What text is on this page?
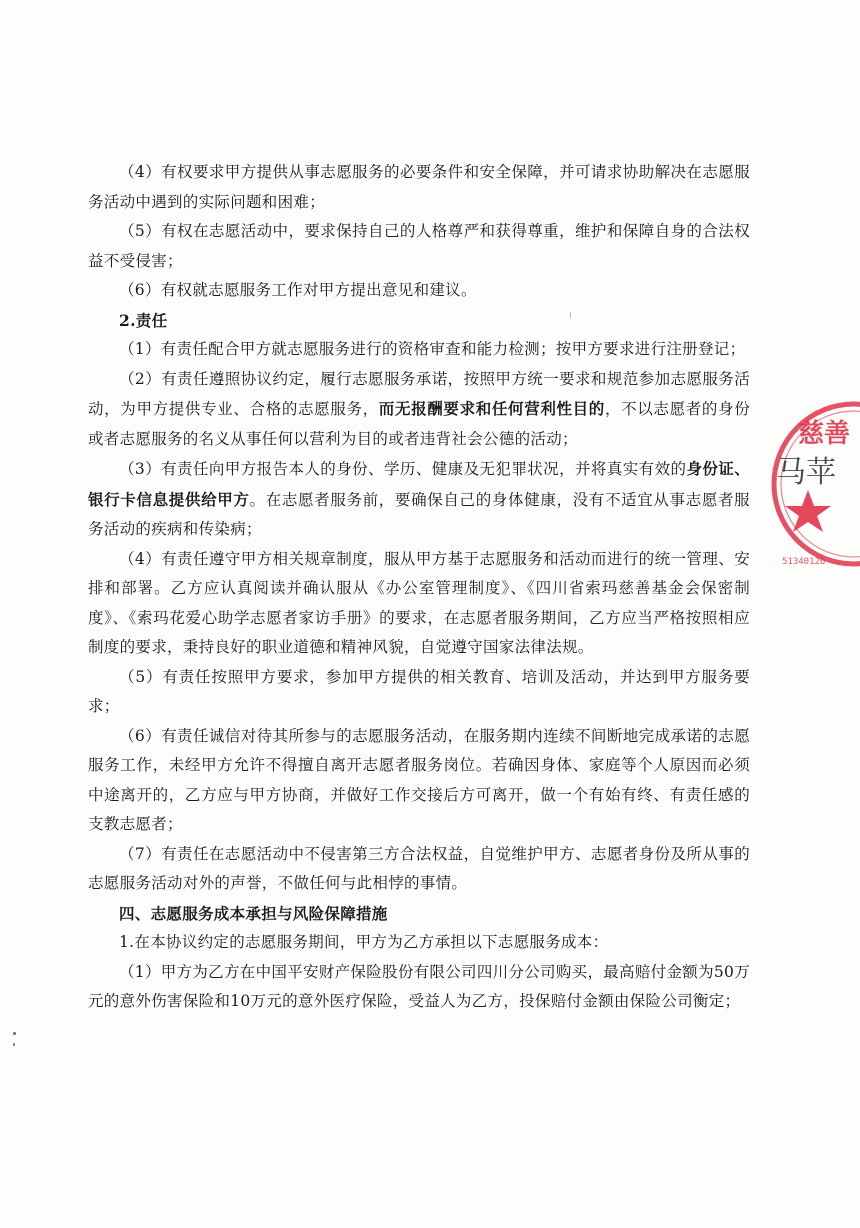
（4）有权要求甲方提供从事志愿服务的必要条件和安全保障，并可请求协助解决在志愿服务活动中遇到的实际问题和困难；

（5）有权在志愿活动中，要求保持自己的人格尊严和获得尊重，维护和保障自身的合法权益不受侵害；

（6）有权就志愿服务工作对甲方提出意见和建议。

2.责任

（1）有责任配合甲方就志愿服务进行的资格审查和能力检测；按甲方要求进行注册登记；

（2）有责任遵照协议约定，履行志愿服务承诺，按照甲方统一要求和规范参加志愿服务活动，为甲方提供专业、合格的志愿服务，而无报酬要求和任何营利性目的，不以志愿者的身份或者志愿服务的名义从事任何以营利为目的或者违背社会公德的活动；

（3）有责任向甲方报告本人的身份、学历、健康及无犯罪状况，并将真实有效的身份证、银行卡信息提供给甲方。在志愿者服务前，要确保自己的身体健康，没有不适宜从事志愿者服务活动的疾病和传染病；

（4）有责任遵守甲方相关规章制度，服从甲方基于志愿服务和活动而进行的统一管理、安排和部署。乙方应认真阅读并确认服从《办公室管理制度》、《四川省索玛慈善基金会保密制度》、《索玛花爱心助学志愿者家访手册》的要求，在志愿者服务期间，乙方应当严格按照相应制度的要求，秉持良好的职业道德和精神风貌，自觉遵守国家法律法规。

（5）有责任按照甲方要求，参加甲方提供的相关教育、培训及活动，并达到甲方服务要求；

（6）有责任诚信对待其所参与的志愿服务活动，在服务期内连续不间断地完成承诺的志愿服务工作，未经甲方允许不得擅自离开志愿者服务岗位。若确因身体、家庭等个人原因而必须中途离开的，乙方应与甲方协商，并做好工作交接后方可离开，做一个有始有终、有责任感的支教志愿者；

（7）有责任在志愿活动中不侵害第三方合法权益，自觉维护甲方、志愿者身份及所从事的志愿服务活动对外的声誉，不做任何与此相悖的事情。

四、志愿服务成本承担与风险保障措施

1.在本协议约定的志愿服务期间，甲方为乙方承担以下志愿服务成本：

（1）甲方为乙方在中国平安财产保险股份有限公司四川分公司购买，最高赔付金额为50万元的意外伤害保险和10万元的意外医疗保险，受益人为乙方，投保赔付金额由保险公司衡定；

慈善
马苹
51340126
